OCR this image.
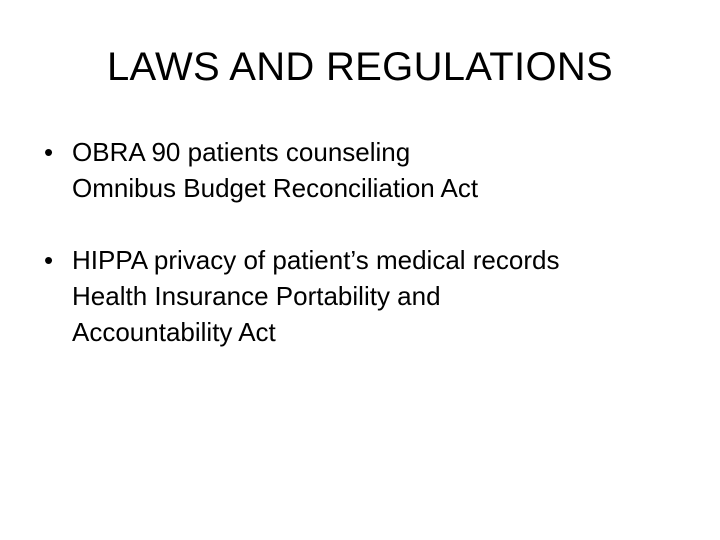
LAWS AND REGULATIONS
• OBRA 90 patients counseling
Omnibus Budget Reconciliation Act
• HIPPA privacy of patient’s medical records
Health Insurance Portability and
Accountability Act
